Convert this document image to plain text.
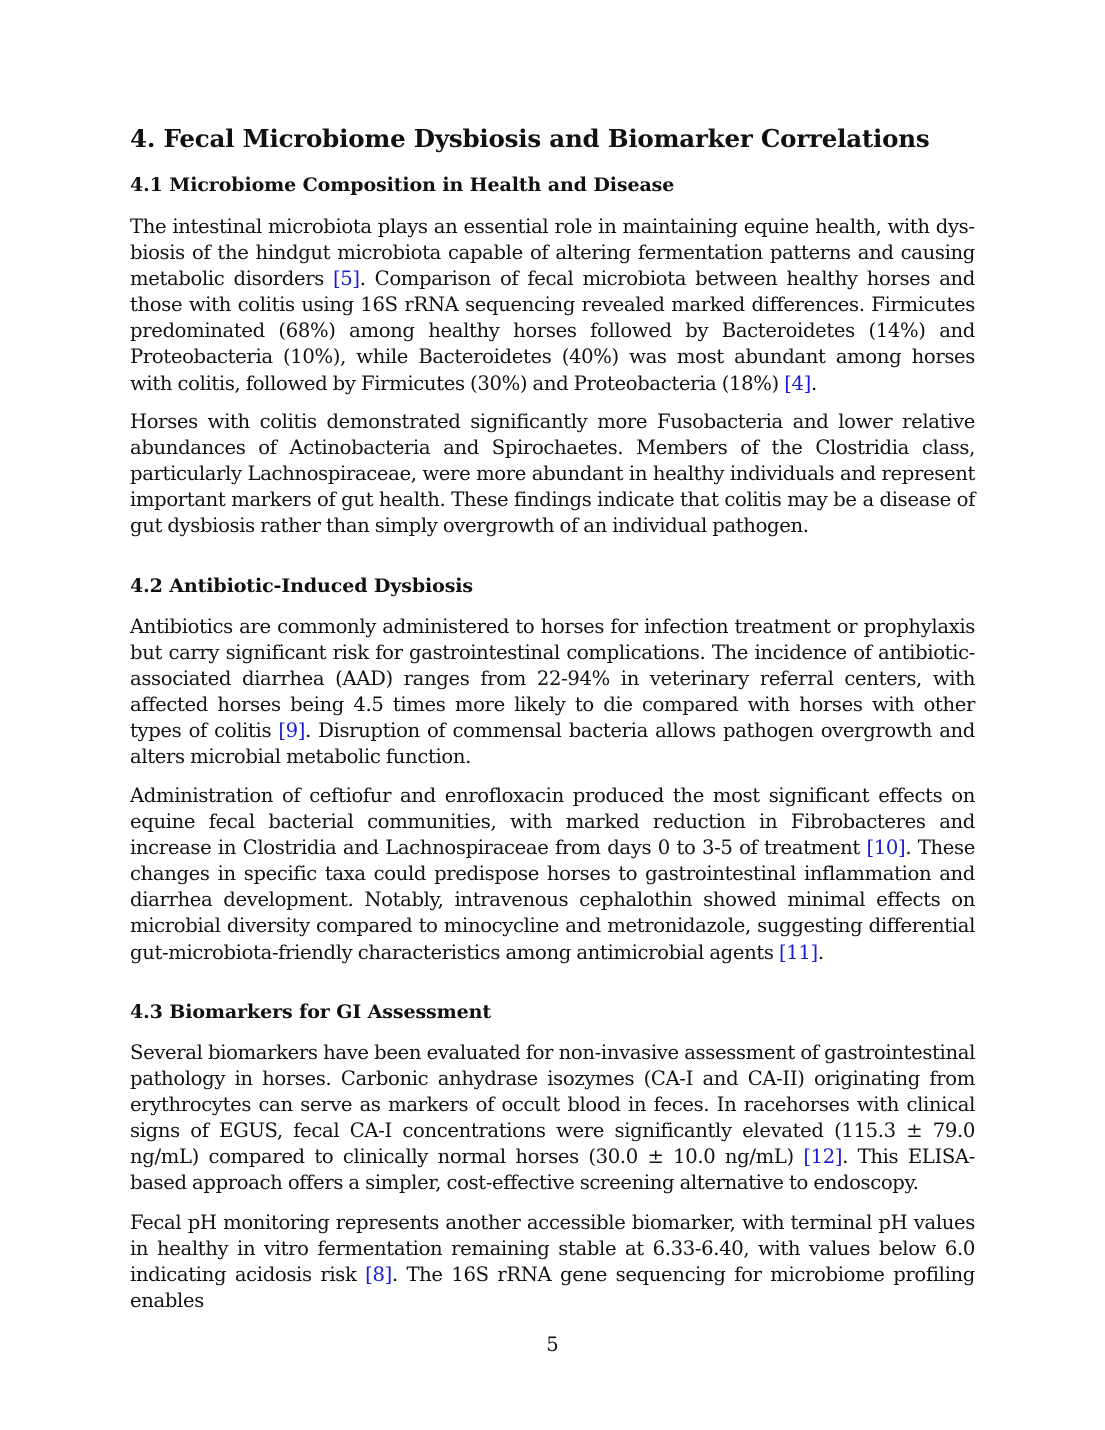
4. Fecal Microbiome Dysbiosis and Biomarker Correlations
4.1 Microbiome Composition in Health and Disease

The intestinal microbiota plays an essential role in maintaining equine health, with dysbiosis of the hindgut microbiota capable of altering fermentation patterns and causing metabolic disorders [5]. Comparison of fecal microbiota between healthy horses and those with colitis using 16S rRNA sequencing revealed marked differences. Firmicutes predominated (68%) among healthy horses followed by Bacteroidetes (14%) and Proteobacteria (10%), while Bacteroidetes (40%) was most abundant among horses with colitis, followed by Firmicutes (30%) and Proteobacteria (18%) [4].

Horses with colitis demonstrated significantly more Fusobacteria and lower relative abundances of Actinobacteria and Spirochaetes. Members of the Clostridia class, particularly Lachnospiraceae, were more abundant in healthy individuals and represent important markers of gut health. These findings indicate that colitis may be a disease of gut dysbiosis rather than simply overgrowth of an individual pathogen.

4.2 Antibiotic-Induced Dysbiosis

Antibiotics are commonly administered to horses for infection treatment or prophylaxis but carry significant risk for gastrointestinal complications. The incidence of antibiotic-associated diarrhea (AAD) ranges from 22-94% in veterinary referral centers, with affected horses being 4.5 times more likely to die compared with horses with other types of colitis [9]. Disruption of commensal bacteria allows pathogen overgrowth and alters microbial metabolic function.

Administration of ceftiofur and enrofloxacin produced the most significant effects on equine fecal bacterial communities, with marked reduction in Fibrobacteres and increase in Clostridia and Lachnospiraceae from days 0 to 3-5 of treatment [10]. These changes in specific taxa could predispose horses to gastrointestinal inflammation and diarrhea development. Notably, intravenous cephalothin showed minimal effects on microbial diversity compared to minocycline and metronidazole, suggesting differential gut-microbiota-friendly characteristics among antimicrobial agents [11].

4.3 Biomarkers for GI Assessment

Several biomarkers have been evaluated for non-invasive assessment of gastrointestinal pathology in horses. Carbonic anhydrase isozymes (CA-I and CA-II) originating from erythrocytes can serve as markers of occult blood in feces. In racehorses with clinical signs of EGUS, fecal CA-I concentrations were significantly elevated (115.3 ± 79.0 ng/mL) compared to clinically normal horses (30.0 ± 10.0 ng/mL) [12]. This ELISA-based approach offers a simpler, cost-effective screening alternative to endoscopy.

Fecal pH monitoring represents another accessible biomarker, with terminal pH values in healthy in vitro fermentation remaining stable at 6.33-6.40, with values below 6.0 indicating acidosis risk [8]. The 16S rRNA gene sequencing for microbiome profiling enables

5
